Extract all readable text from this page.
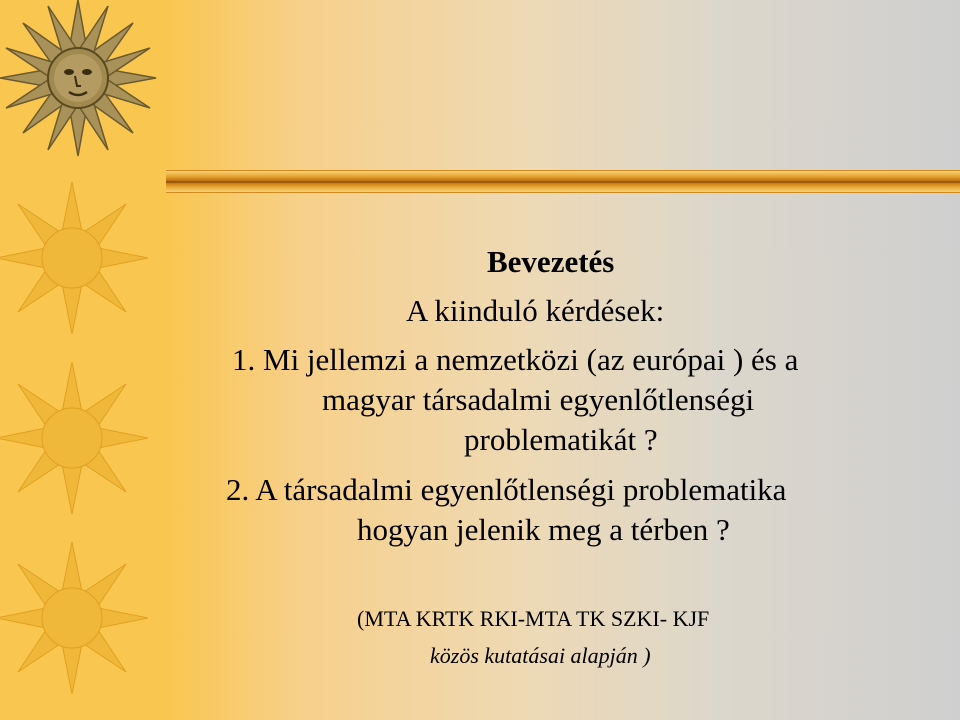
Bevezetés
A kiinduló kérdések:
1. Mi jellemzi a nemzetközi (az európai ) és a
magyar társadalmi egyenlőtlenségi
problematikát ?
2. A társadalmi egyenlőtlenségi problematika
hogyan jelenik meg a térben ?
(MTA KRTK RKI-MTA TK SZKI- KJF
közös kutatásai alapján )
